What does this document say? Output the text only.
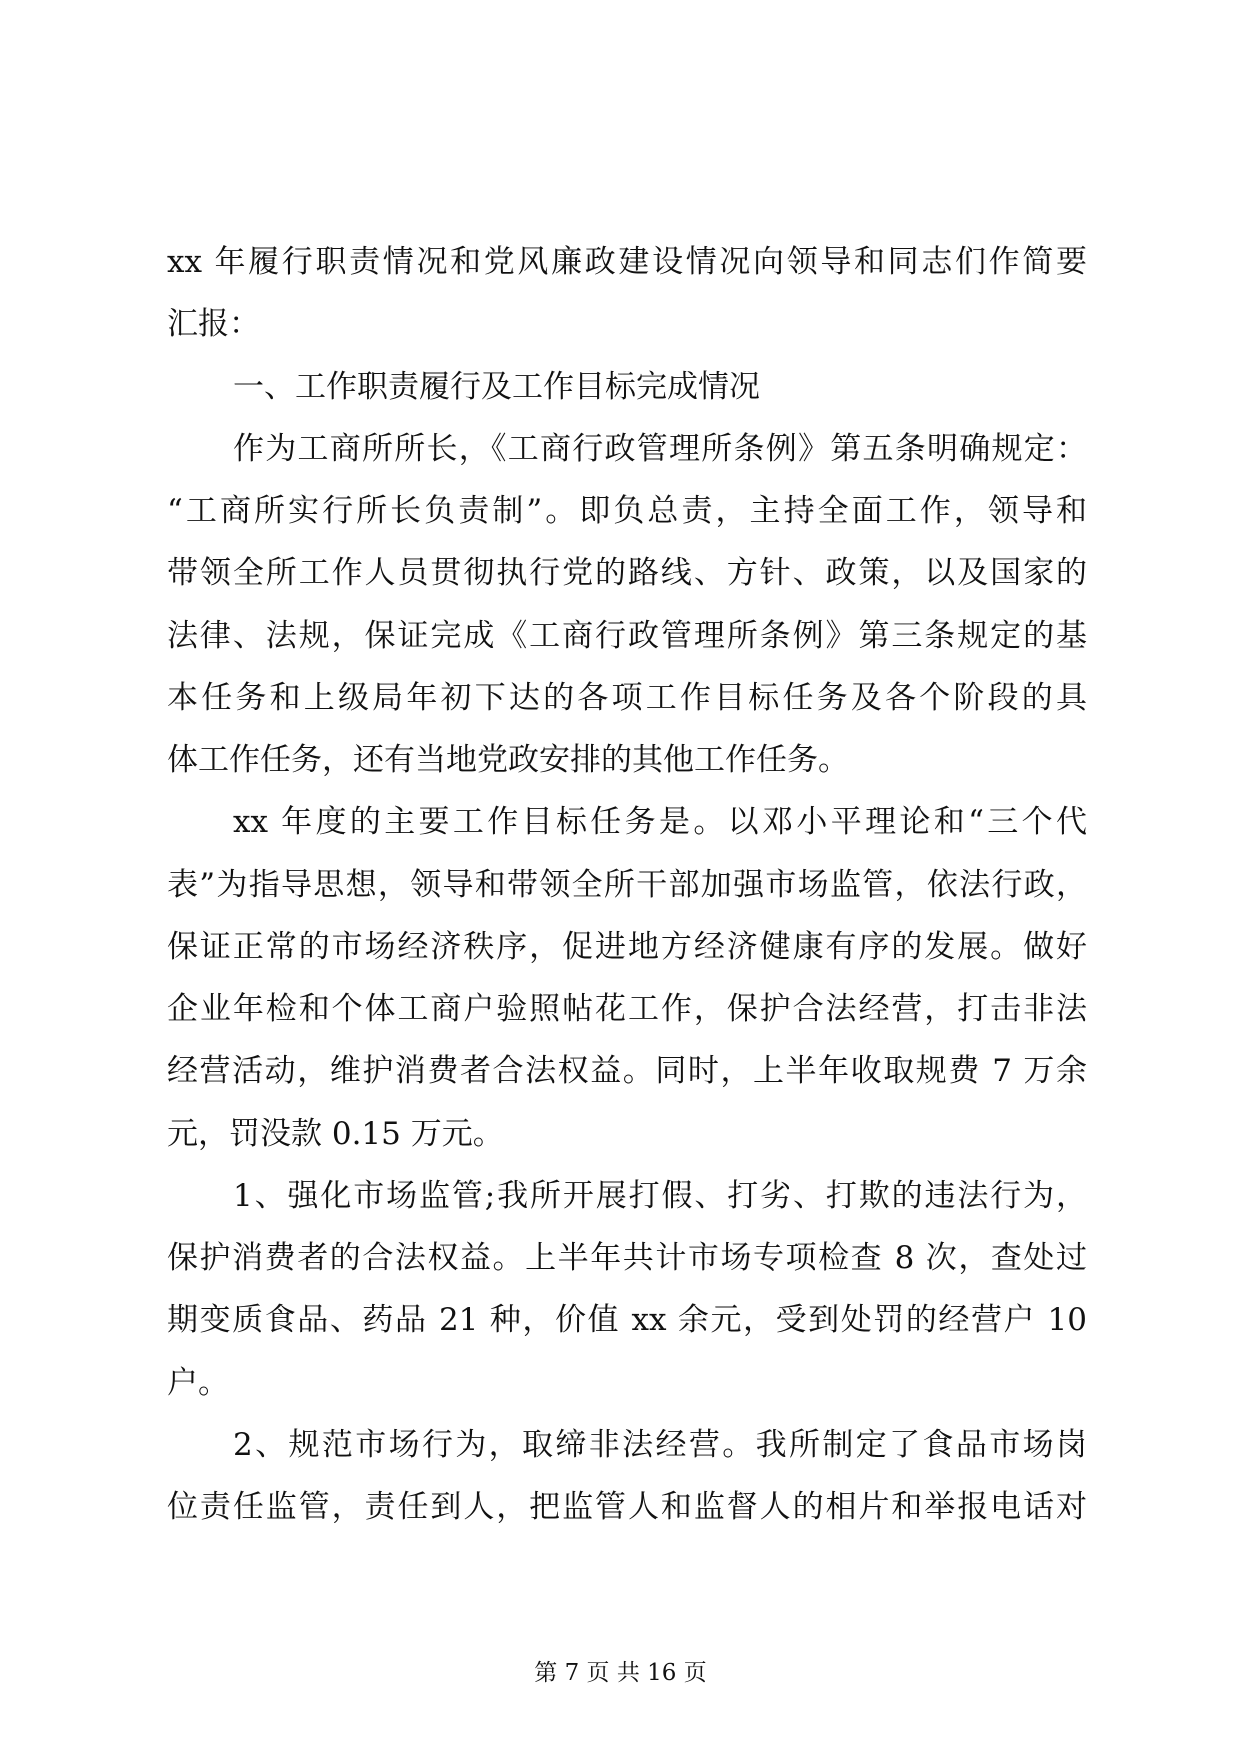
xx 年履行职责情况和党风廉政建设情况向领导和同志们作简要
汇报：
一、工作职责履行及工作目标完成情况
作为工商所所长，《工商行政管理所条例》第五条明确规定：
“工商所实行所长负责制”。即负总责，主持全面工作，领导和
带领全所工作人员贯彻执行党的路线、方针、政策，以及国家的
法律、法规，保证完成《工商行政管理所条例》第三条规定的基
本任务和上级局年初下达的各项工作目标任务及各个阶段的具
体工作任务，还有当地党政安排的其他工作任务。
xx 年度的主要工作目标任务是。以邓小平理论和“三个代
表”为指导思想，领导和带领全所干部加强市场监管，依法行政，
保证正常的市场经济秩序，促进地方经济健康有序的发展。做好
企业年检和个体工商户验照帖花工作，保护合法经营，打击非法
经营活动，维护消费者合法权益。同时，上半年收取规费 7 万余
元，罚没款 0.15 万元。
1、强化市场监管;我所开展打假、打劣、打欺的违法行为，
保护消费者的合法权益。上半年共计市场专项检查 8 次，查处过
期变质食品、药品 21 种，价值 xx 余元，受到处罚的经营户 10
户。
2、规范市场行为，取缔非法经营。我所制定了食品市场岗
位责任监管，责任到人，把监管人和监督人的相片和举报电话对
第 7 页 共 16 页
